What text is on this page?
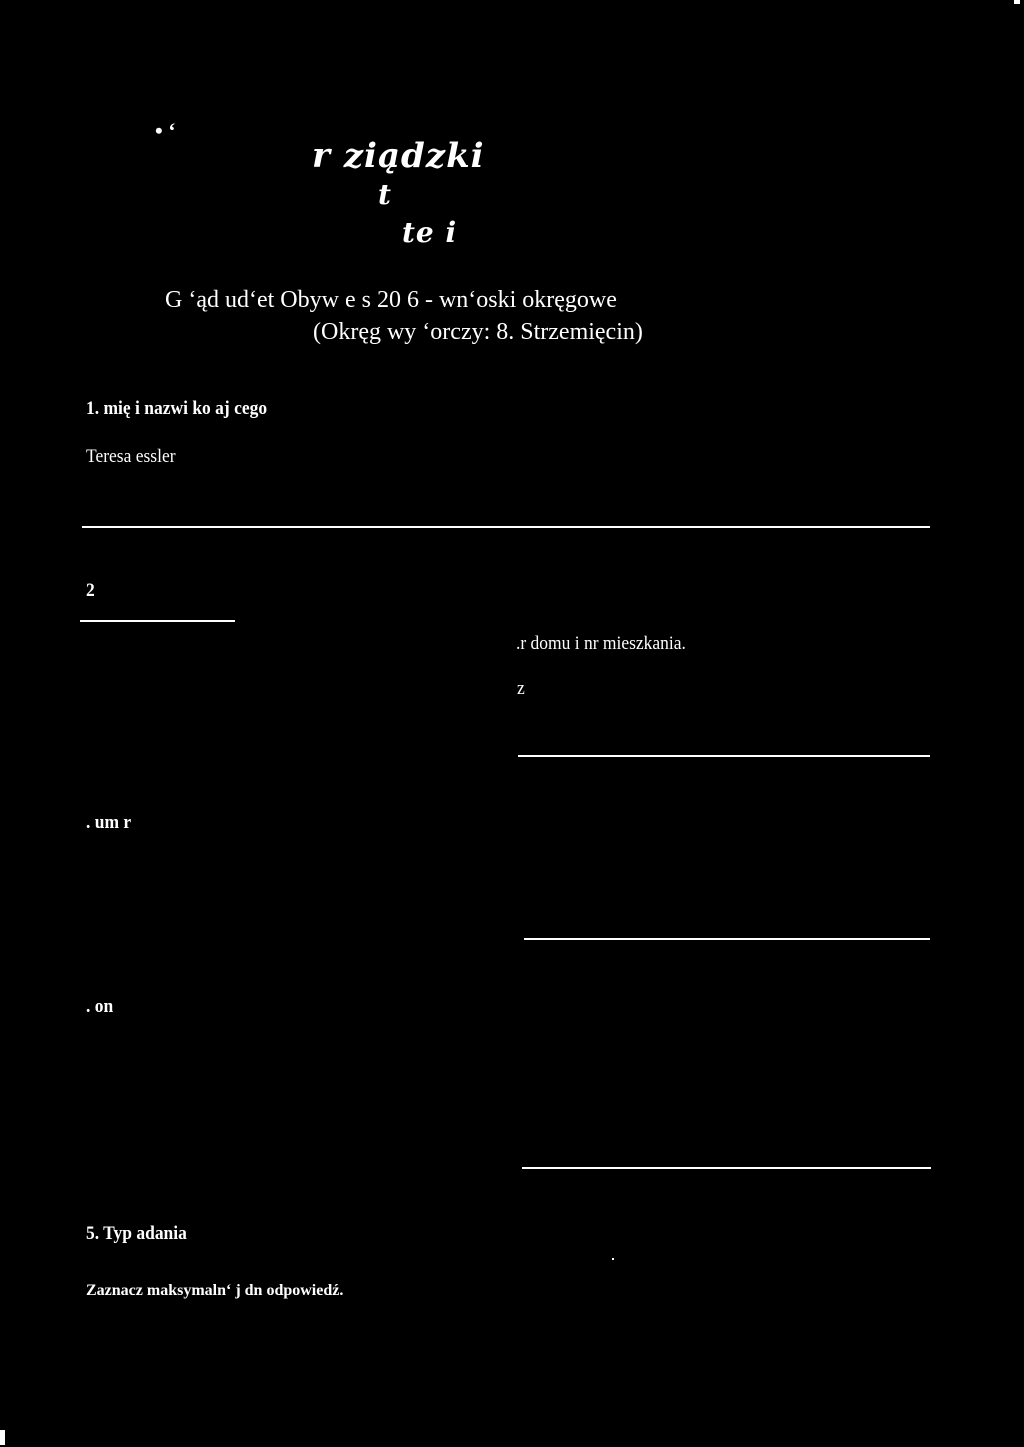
• ‘
r ziądzki
t
te i
G ‘ąd ud‘et Obyw e s 20 6 - wn‘oski okręgowe
(Okręg wy ‘orczy: 8. Strzemięcin)
1. mię i nazwi ko aj cego
Teresa essler
2
.r domu i nr mieszkania.
z
. um r
. on
5. Typ adania
Zaznacz maksymaln‘ j dn odpowiedź.
